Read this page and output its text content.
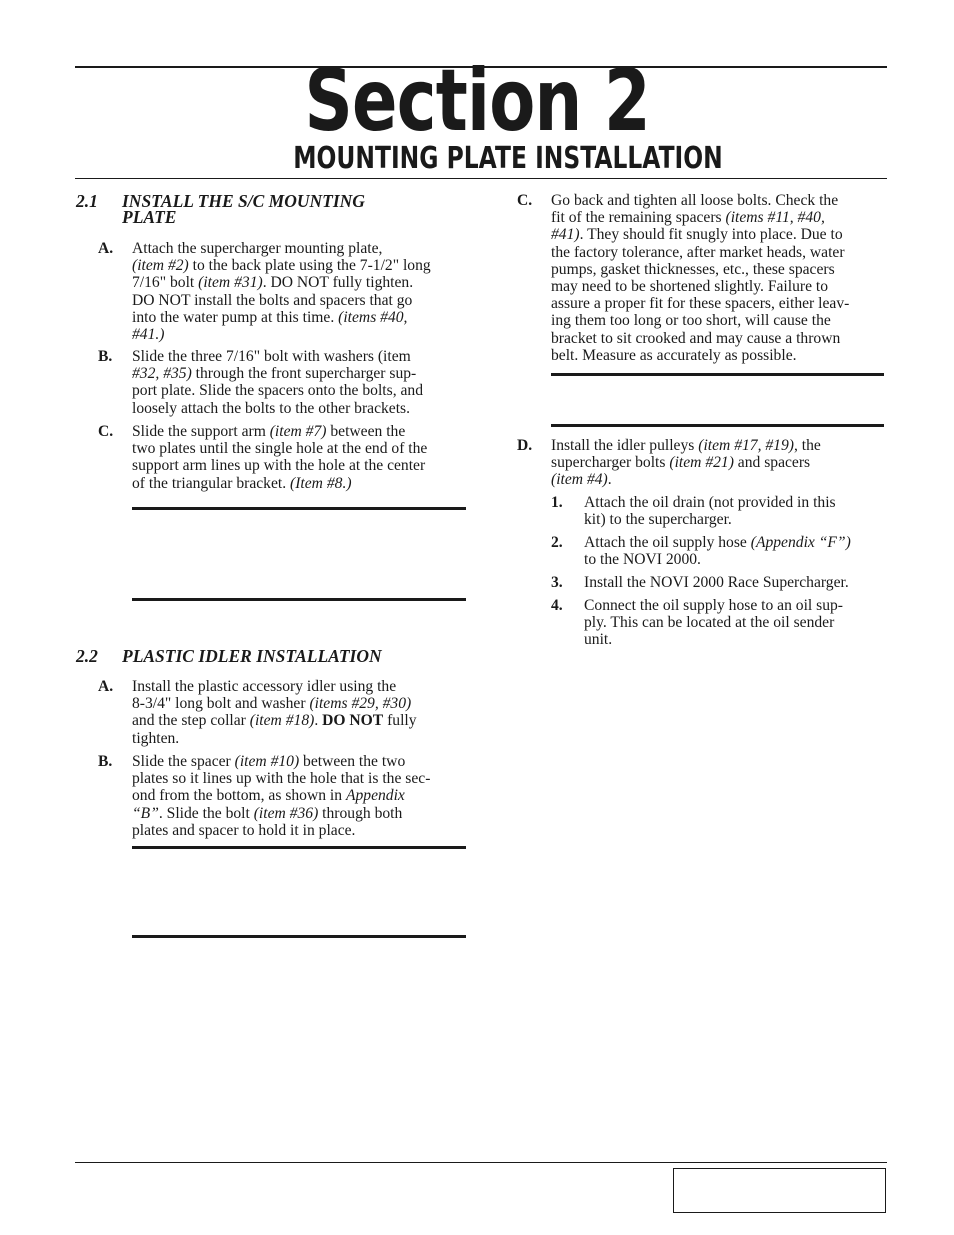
Section 2
MOUNTING PLATE INSTALLATION
2.1 INSTALL THE S/C MOUNTING
PLATE
A. Attach the supercharger mounting plate,
(item #2) to the back plate using the 7-1/2" long
7/16" bolt (item #31). DO NOT fully tighten.
DO NOT install the bolts and spacers that go
into the water pump at this time. (items #40,
#41.)
B. Slide the three 7/16" bolt with washers (item
#32, #35) through the front supercharger sup-
port plate. Slide the spacers onto the bolts, and
loosely attach the bolts to the other brackets.
C. Slide the support arm (item #7) between the
two plates until the single hole at the end of the
support arm lines up with the hole at the center
of the triangular bracket. (Item #8.)
2.2 PLASTIC IDLER INSTALLATION
A. Install the plastic accessory idler using the
8-3/4" long bolt and washer (items #29, #30)
and the step collar (item #18). DO NOT fully
tighten.
B. Slide the spacer (item #10) between the two
plates so it lines up with the hole that is the sec-
ond from the bottom, as shown in Appendix
“B”. Slide the bolt (item #36) through both
plates and spacer to hold it in place.
C. Go back and tighten all loose bolts. Check the
fit of the remaining spacers (items #11, #40,
#41). They should fit snugly into place. Due to
the factory tolerance, after market heads, water
pumps, gasket thicknesses, etc., these spacers
may need to be shortened slightly. Failure to
assure a proper fit for these spacers, either leav-
ing them too long or too short, will cause the
bracket to sit crooked and may cause a thrown
belt. Measure as accurately as possible.
D. Install the idler pulleys (item #17, #19), the
supercharger bolts (item #21) and spacers
(item #4).
1. Attach the oil drain (not provided in this
kit) to the supercharger.
2. Attach the oil supply hose (Appendix “F”)
to the NOVI 2000.
3. Install the NOVI 2000 Race Supercharger.
4. Connect the oil supply hose to an oil sup-
ply. This can be located at the oil sender
unit.
